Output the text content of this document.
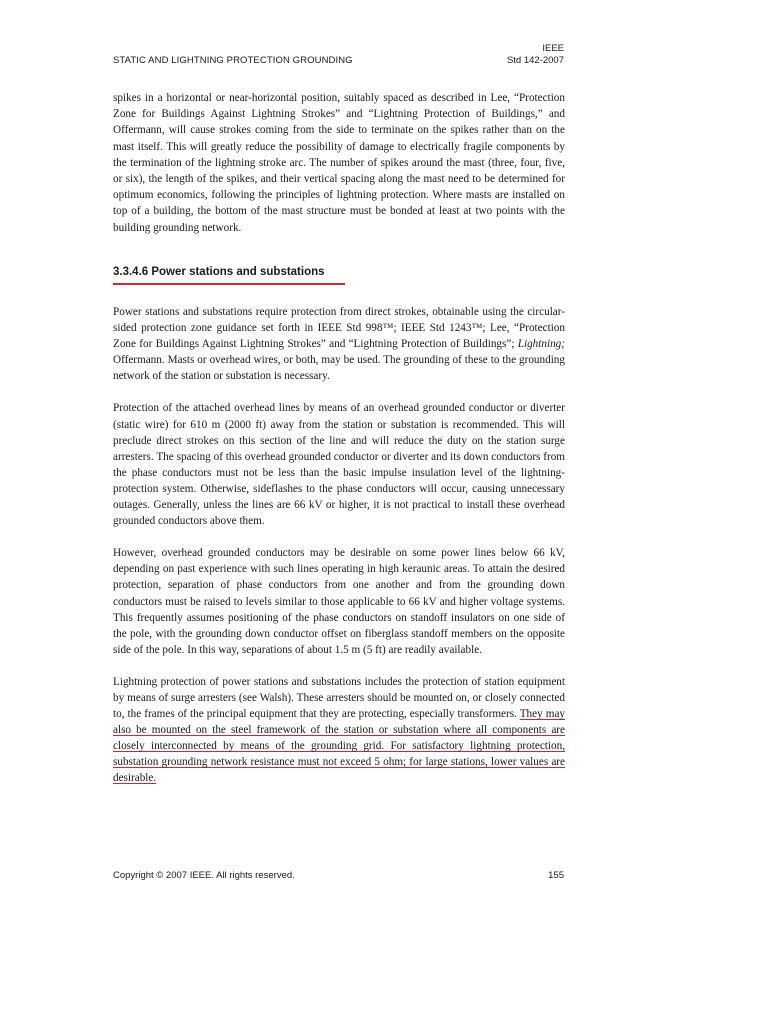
STATIC AND LIGHTNING PROTECTION GROUNDING
IEEE
Std 142-2007

spikes in a horizontal or near-horizontal position, suitably spaced as described in Lee, “Protection Zone for Buildings Against Lightning Strokes” and “Lightning Protection of Buildings,” and Offermann, will cause strokes coming from the side to terminate on the spikes rather than on the mast itself. This will greatly reduce the possibility of damage to electrically fragile components by the termination of the lightning stroke arc. The number of spikes around the mast (three, four, five, or six), the length of the spikes, and their vertical spacing along the mast need to be determined for optimum economics, following the principles of lightning protection. Where masts are installed on top of a building, the bottom of the mast structure must be bonded at least at two points with the building grounding network.

3.3.4.6 Power stations and substations

Power stations and substations require protection from direct strokes, obtainable using the circular-sided protection zone guidance set forth in IEEE Std 998™; IEEE Std 1243™; Lee, “Protection Zone for Buildings Against Lightning Strokes” and “Lightning Protection of Buildings”; Lightning; Offermann. Masts or overhead wires, or both, may be used. The grounding of these to the grounding network of the station or substation is necessary.

Protection of the attached overhead lines by means of an overhead grounded conductor or diverter (static wire) for 610 m (2000 ft) away from the station or substation is recommended. This will preclude direct strokes on this section of the line and will reduce the duty on the station surge arresters. The spacing of this overhead grounded conductor or diverter and its down conductors from the phase conductors must not be less than the basic impulse insulation level of the lightning-protection system. Otherwise, sideflashes to the phase conductors will occur, causing unnecessary outages. Generally, unless the lines are 66 kV or higher, it is not practical to install these overhead grounded conductors above them.

However, overhead grounded conductors may be desirable on some power lines below 66 kV, depending on past experience with such lines operating in high keraunic areas. To attain the desired protection, separation of phase conductors from one another and from the grounding down conductors must be raised to levels similar to those applicable to 66 kV and higher voltage systems. This frequently assumes positioning of the phase conductors on standoff insulators on one side of the pole, with the grounding down conductor offset on fiberglass standoff members on the opposite side of the pole. In this way, separations of about 1.5 m (5 ft) are readily available.

Lightning protection of power stations and substations includes the protection of station equipment by means of surge arresters (see Walsh). These arresters should be mounted on, or closely connected to, the frames of the principal equipment that they are protecting, especially transformers. They may also be mounted on the steel framework of the station or substation where all components are closely interconnected by means of the grounding grid. For satisfactory lightning protection, substation grounding network resistance must not exceed 5 ohm; for large stations, lower values are desirable.

Copyright © 2007 IEEE. All rights reserved.	155
